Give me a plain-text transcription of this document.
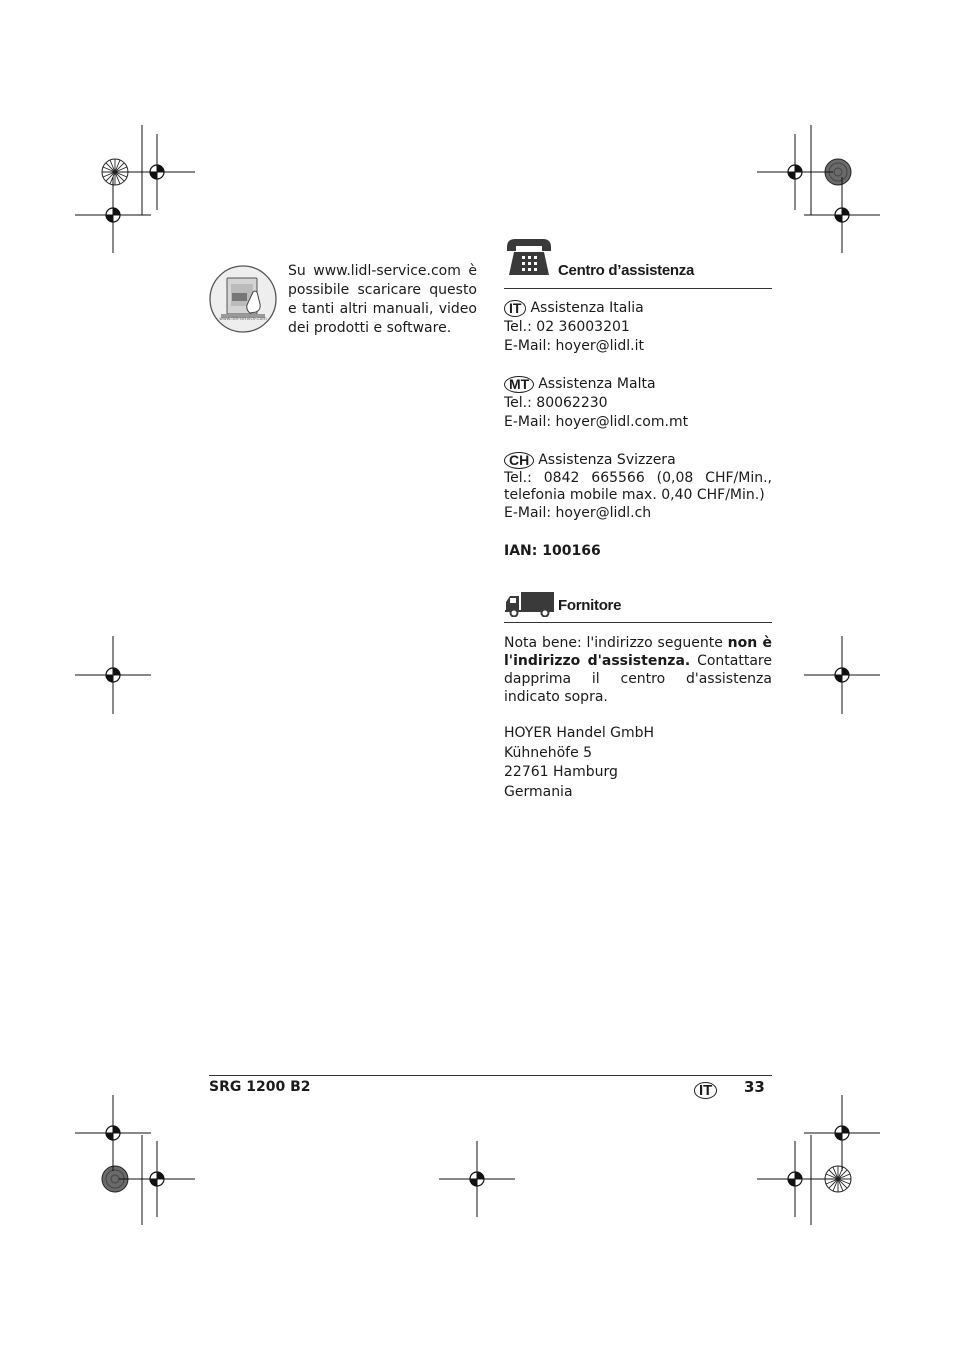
www.lidl-service.com

Su www.lidl-service.com è possibile scaricare questo e tanti altri manuali, video dei prodotti e software.

Centro d’assistenza
IT Assistenza Italia
Tel.: 02 36003201
E-Mail: hoyer@lidl.it
MT Assistenza Malta
Tel.: 80062230
E-Mail: hoyer@lidl.com.mt
CH Assistenza Svizzera
Tel.: 0842 665566 (0,08 CHF/Min., telefonia mobile max. 0,40 CHF/Min.)
E-Mail: hoyer@lidl.ch
IAN: 100166
Fornitore

Nota bene: l'indirizzo seguente non è l'indirizzo d'assistenza. Contattare dapprima il centro d'assistenza indicato sopra.

HOYER Handel GmbH
Kühnehöfe 5
22761 Hamburg
Germania
SRG 1200 B2	IT	33
